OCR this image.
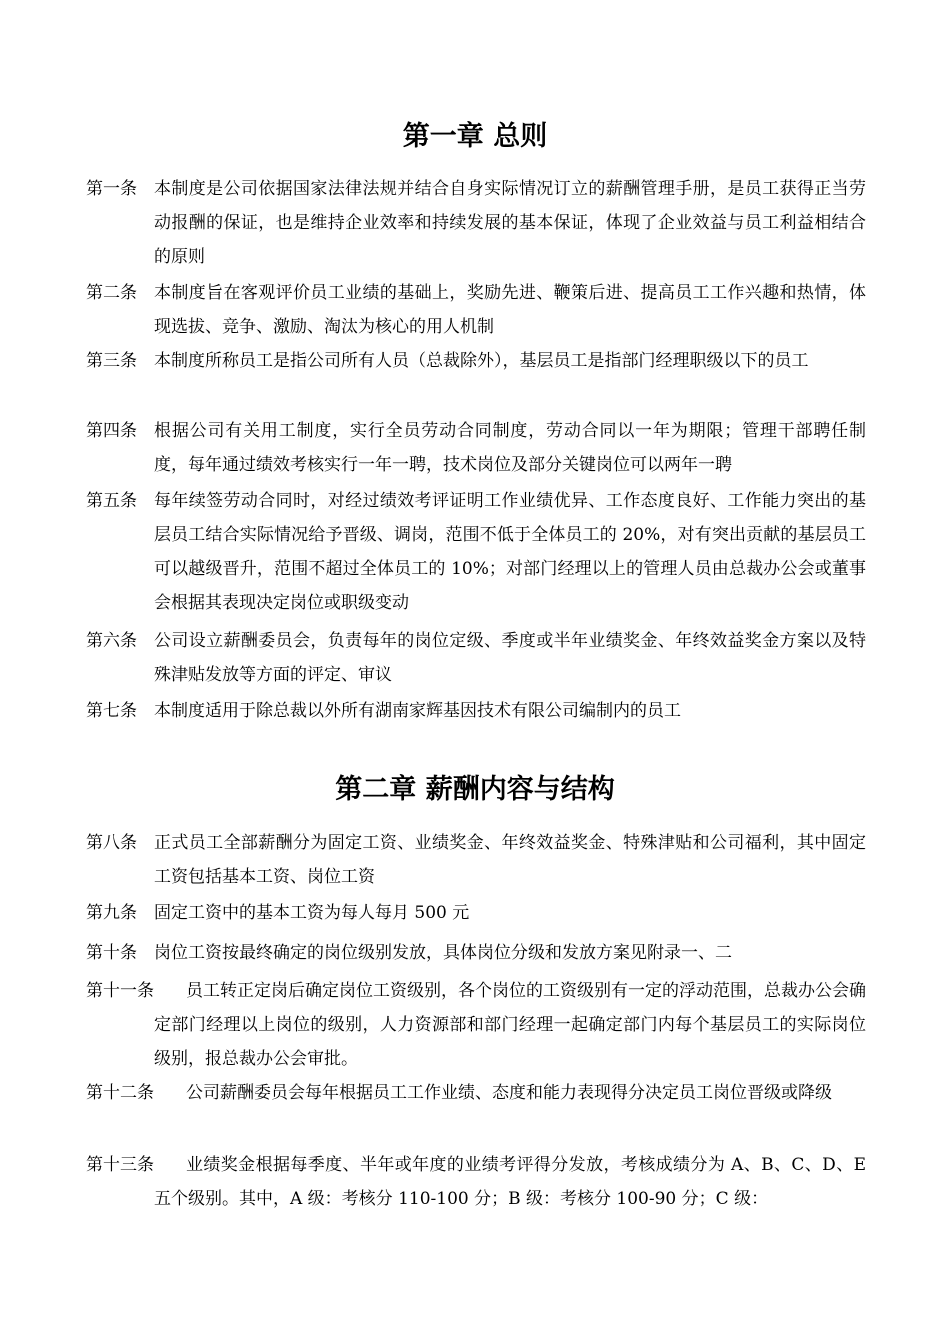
第一章 总则
第一条 本制度是公司依据国家法律法规并结合自身实际情况订立的薪酬管理手册，是员工获得正当劳动报酬的保证，也是维持企业效率和持续发展的基本保证，体现了企业效益与员工利益相结合的原则
第二条 本制度旨在客观评价员工业绩的基础上，奖励先进、鞭策后进、提高员工工作兴趣和热情，体现选拔、竞争、激励、淘汰为核心的用人机制
第三条 本制度所称员工是指公司所有人员（总裁除外），基层员工是指部门经理职级以下的员工
第四条 根据公司有关用工制度，实行全员劳动合同制度，劳动合同以一年为期限；管理干部聘任制度，每年通过绩效考核实行一年一聘，技术岗位及部分关键岗位可以两年一聘
第五条 每年续签劳动合同时，对经过绩效考评证明工作业绩优异、工作态度良好、工作能力突出的基层员工结合实际情况给予晋级、调岗，范围不低于全体员工的 20%，对有突出贡献的基层员工可以越级晋升，范围不超过全体员工的 10%；对部门经理以上的管理人员由总裁办公会或董事会根据其表现决定岗位或职级变动
第六条 公司设立薪酬委员会，负责每年的岗位定级、季度或半年业绩奖金、年终效益奖金方案以及特殊津贴发放等方面的评定、审议
第七条 本制度适用于除总裁以外所有湖南家辉基因技术有限公司编制内的员工
第二章 薪酬内容与结构
第八条 正式员工全部薪酬分为固定工资、业绩奖金、年终效益奖金、特殊津贴和公司福利，其中固定工资包括基本工资、岗位工资
第九条 固定工资中的基本工资为每人每月 500 元
第十条 岗位工资按最终确定的岗位级别发放，具体岗位分级和发放方案见附录一、二
第十一条	员工转正定岗后确定岗位工资级别，各个岗位的工资级别有一定的浮动范围，总裁办公会确定部门经理以上岗位的级别，人力资源部和部门经理一起确定部门内每个基层员工的实际岗位级别，报总裁办公会审批。
第十二条	公司薪酬委员会每年根据员工工作业绩、态度和能力表现得分决定员工岗位晋级或降级
第十三条	业绩奖金根据每季度、半年或年度的业绩考评得分发放，考核成绩分为 A、B、C、D、E 五个级别。其中，A 级：考核分 110-100 分；B 级：考核分 100-90 分；C 级：
